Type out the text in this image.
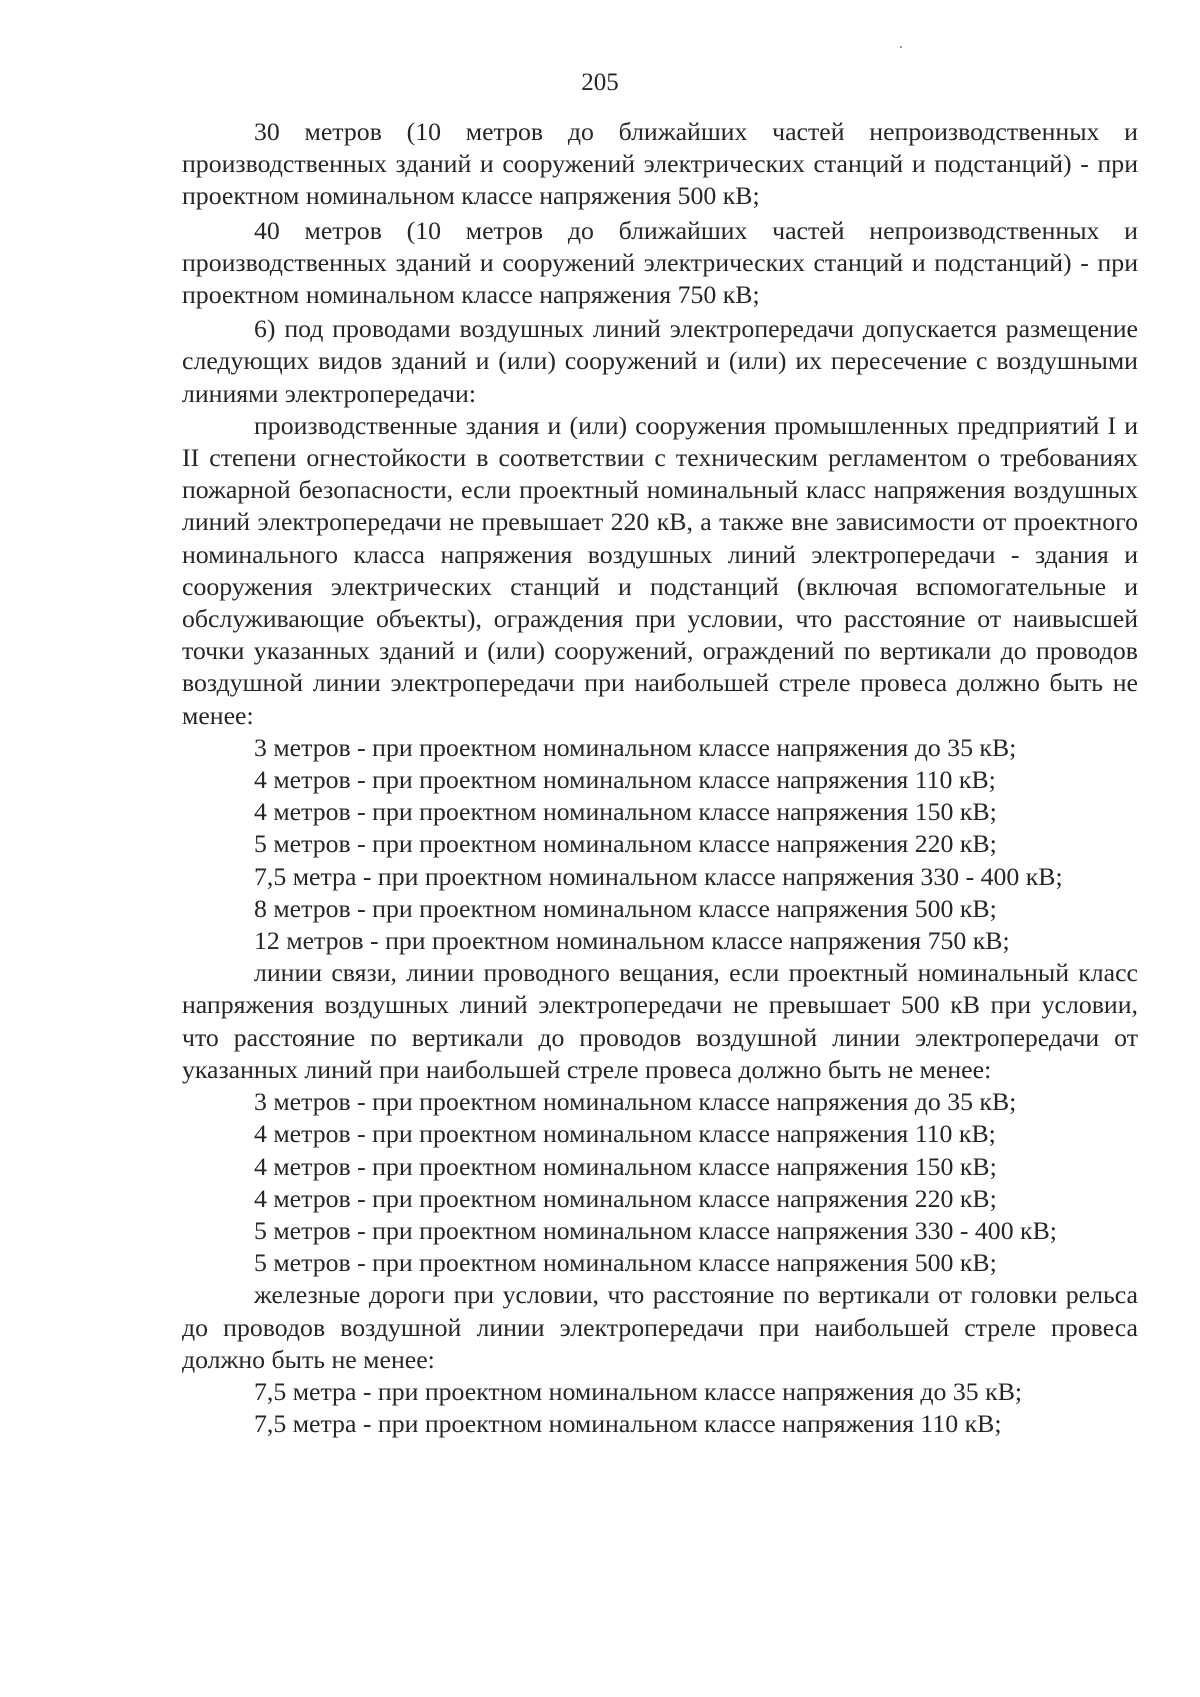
205

30 метров (10 метров до ближайших частей непроизводственных и производственных зданий и сооружений электрических станций и подстанций) - при проектном номинальном классе напряжения 500 кВ;

40 метров (10 метров до ближайших частей непроизводственных и производственных зданий и сооружений электрических станций и подстанций) - при проектном номинальном классе напряжения 750 кВ;

6) под проводами воздушных линий электропередачи допускается размещение следующих видов зданий и (или) сооружений и (или) их пересечение с воздушными линиями электропередачи:

производственные здания и (или) сооружения промышленных предприятий I и II степени огнестойкости в соответствии с техническим регламентом о требованиях пожарной безопасности, если проектный номинальный класс напряжения воздушных линий электропередачи не превышает 220 кВ, а также вне зависимости от проектного номинального класса напряжения воздушных линий электропередачи - здания и сооружения электрических станций и подстанций (включая вспомогательные и обслуживающие объекты), ограждения при условии, что расстояние от наивысшей точки указанных зданий и (или) сооружений, ограждений по вертикали до проводов воздушной линии электропередачи при наибольшей стреле провеса должно быть не менее:

3 метров - при проектном номинальном классе напряжения до 35 кВ;

4 метров - при проектном номинальном классе напряжения 110 кВ;

4 метров - при проектном номинальном классе напряжения 150 кВ;

5 метров - при проектном номинальном классе напряжения 220 кВ;

7,5 метра - при проектном номинальном классе напряжения 330 - 400 кВ;

8 метров - при проектном номинальном классе напряжения 500 кВ;

12 метров - при проектном номинальном классе напряжения 750 кВ;

линии связи, линии проводного вещания, если проектный номинальный класс напряжения воздушных линий электропередачи не превышает 500 кВ при условии, что расстояние по вертикали до проводов воздушной линии электропередачи от указанных линий при наибольшей стреле провеса должно быть не менее:

3 метров - при проектном номинальном классе напряжения до 35 кВ;

4 метров - при проектном номинальном классе напряжения 110 кВ;

4 метров - при проектном номинальном классе напряжения 150 кВ;

4 метров - при проектном номинальном классе напряжения 220 кВ;

5 метров - при проектном номинальном классе напряжения 330 - 400 кВ;

5 метров - при проектном номинальном классе напряжения 500 кВ;

железные дороги при условии, что расстояние по вертикали от головки рельса до проводов воздушной линии электропередачи при наибольшей стреле провеса должно быть не менее:

7,5 метра - при проектном номинальном классе напряжения до 35 кВ;

7,5 метра - при проектном номинальном классе напряжения 110 кВ;
